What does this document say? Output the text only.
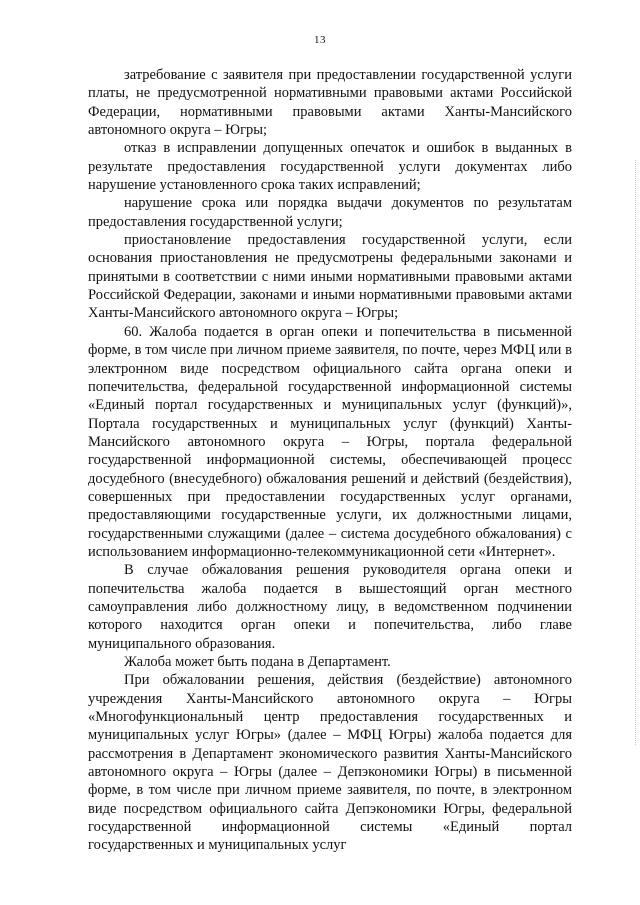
13

затребование с заявителя при предоставлении государственной услуги платы, не предусмотренной нормативными правовыми актами Российской Федерации, нормативными правовыми актами Ханты-Мансийского автономного округа – Югры;

отказ в исправлении допущенных опечаток и ошибок в выданных в результате предоставления государственной услуги документах либо нарушение установленного срока таких исправлений;

нарушение срока или порядка выдачи документов по результатам предоставления государственной услуги;

приостановление предоставления государственной услуги, если основания приостановления не предусмотрены федеральными законами и принятыми в соответствии с ними иными нормативными правовыми актами Российской Федерации, законами и иными нормативными правовыми актами Ханты-Мансийского автономного округа – Югры;

60. Жалоба подается в орган опеки и попечительства в письменной форме, в том числе при личном приеме заявителя, по почте, через МФЦ или в электронном виде посредством официального сайта органа опеки и попечительства, федеральной государственной информационной системы «Единый портал государственных и муниципальных услуг (функций)», Портала государственных и муниципальных услуг (функций) Ханты-Мансийского автономного округа – Югры, портала федеральной государственной информационной системы, обеспечивающей процесс досудебного (внесудебного) обжалования решений и действий (бездействия), совершенных при предоставлении государственных услуг органами, предоставляющими государственные услуги, их должностными лицами, государственными служащими (далее – система досудебного обжалования) с использованием информационно-телекоммуникационной сети «Интернет».

В случае обжалования решения руководителя органа опеки и попечительства жалоба подается в вышестоящий орган местного самоуправления либо должностному лицу, в ведомственном подчинении которого находится орган опеки и попечительства, либо главе муниципального образования.

Жалоба может быть подана в Департамент.

При обжаловании решения, действия (бездействие) автономного учреждения Ханты-Мансийского автономного округа – Югры «Многофункциональный центр предоставления государственных и муниципальных услуг Югры» (далее – МФЦ Югры) жалоба подается для рассмотрения в Департамент экономического развития Ханты-Мансийского автономного округа – Югры (далее – Депэкономики Югры) в письменной форме, в том числе при личном приеме заявителя, по почте, в электронном виде посредством официального сайта Депэкономики Югры, федеральной государственной информационной системы «Единый портал государственных и муниципальных услуг
